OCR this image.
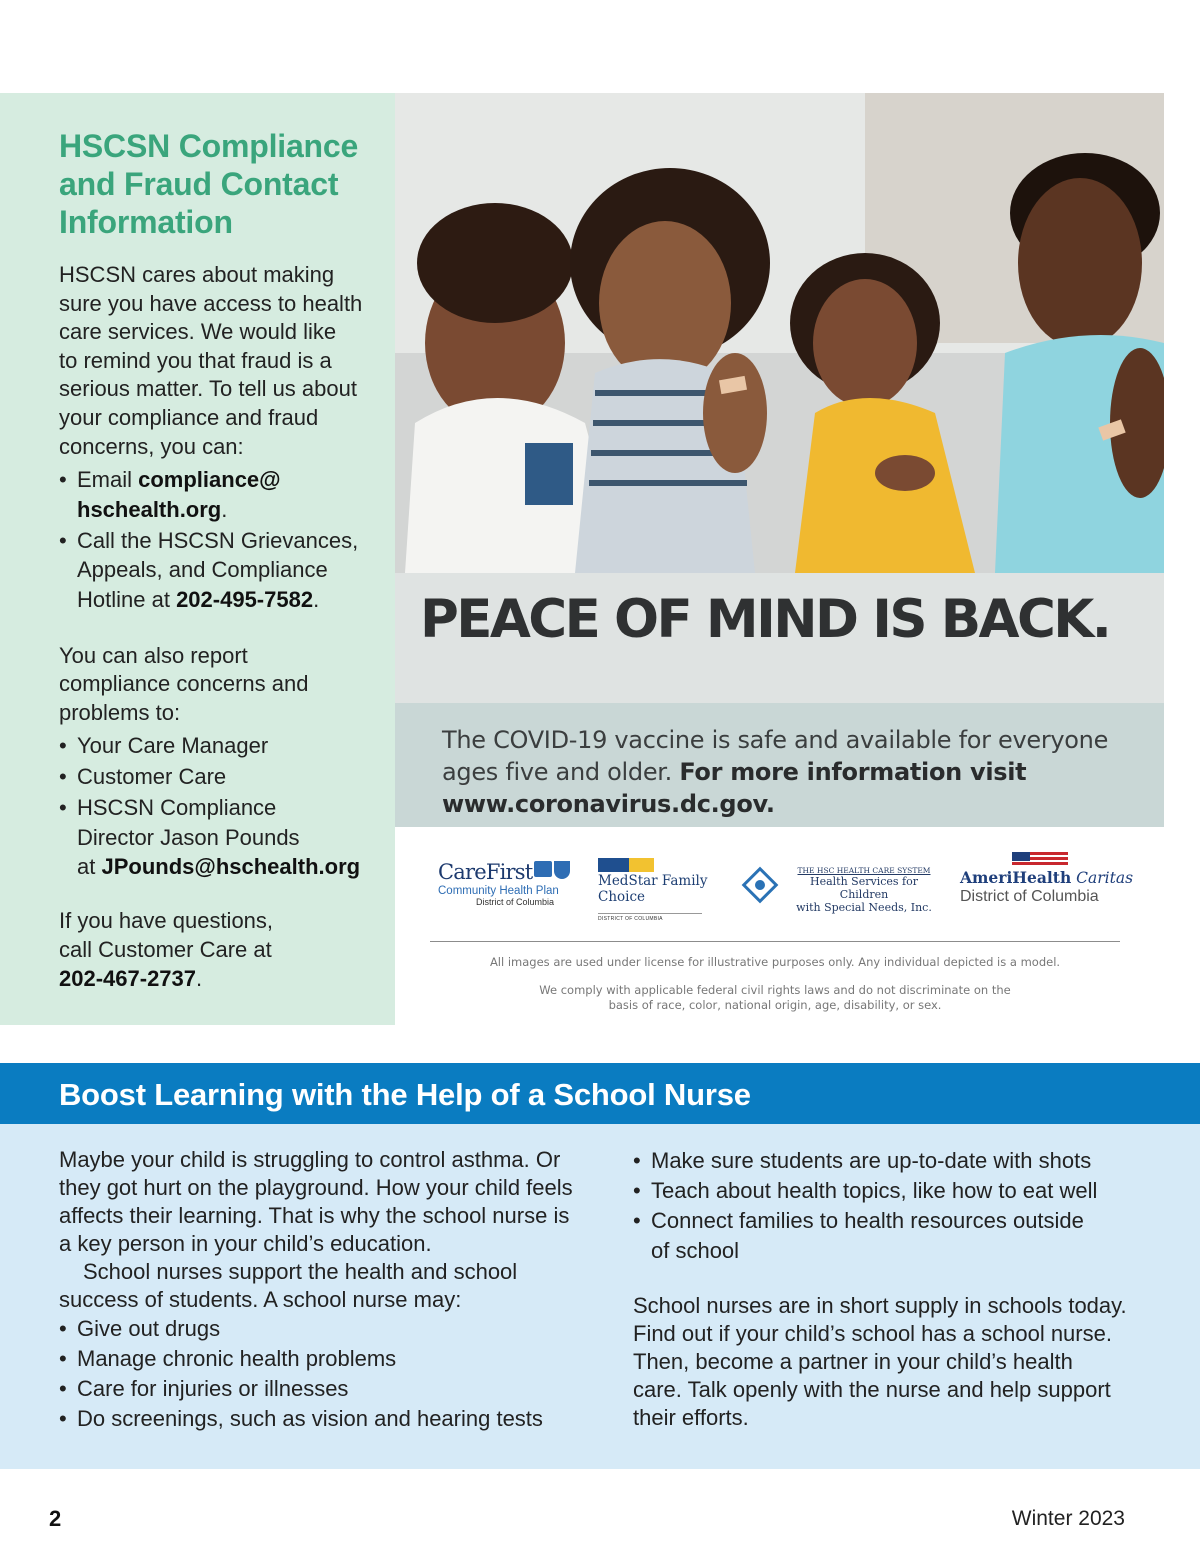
HSCSN Compliance
and Fraud Contact
Information

HSCSN cares about making
sure you have access to health
care services. We would like
to remind you that fraud is a
serious matter. To tell us about
your compliance and fraud
concerns, you can:

• Email compliance@
hschealth.org.
• Call the HSCSN Grievances,
Appeals, and Compliance
Hotline at 202-495-7582.

You can also report
compliance concerns and
problems to:

• Your Care Manager
• Customer Care
• HSCSN Compliance
Director Jason Pounds
at JPounds@hschealth.org

If you have questions,
call Customer Care at
202-467-2737.

PEACE OF MIND IS BACK.
The COVID-19 vaccine is safe and available for everyone ages five and older. For more information visit www.coronavirus.dc.gov.
CareFirst
Community Health Plan
District of Columbia
MedStar Family
Choice
DISTRICT OF COLUMBIA
THE HSC HEALTH CARE SYSTEM
Health Services for Children
with Special Needs, Inc.
AmeriHealth Caritas
District of Columbia
All images are used under license for illustrative purposes only. Any individual depicted is a model.
We comply with applicable federal civil rights laws and do not discriminate on the
basis of race, color, national origin, age, disability, or sex.
Boost Learning with the Help of a School Nurse

Maybe your child is struggling to control asthma. Or
they got hurt on the playground. How your child feels
affects their learning. That is why the school nurse is
a key person in your child’s education.

School nurses support the health and school

success of students. A school nurse may:

• Give out drugs
• Manage chronic health problems
• Care for injuries or illnesses
• Do screenings, such as vision and hearing tests
• Make sure students are up-to-date with shots
• Teach about health topics, like how to eat well
• Connect families to health resources outside
of school

School nurses are in short supply in schools today.
Find out if your child’s school has a school nurse.
Then, become a partner in your child’s health
care. Talk openly with the nurse and help support
their efforts.

2	Winter 2023
